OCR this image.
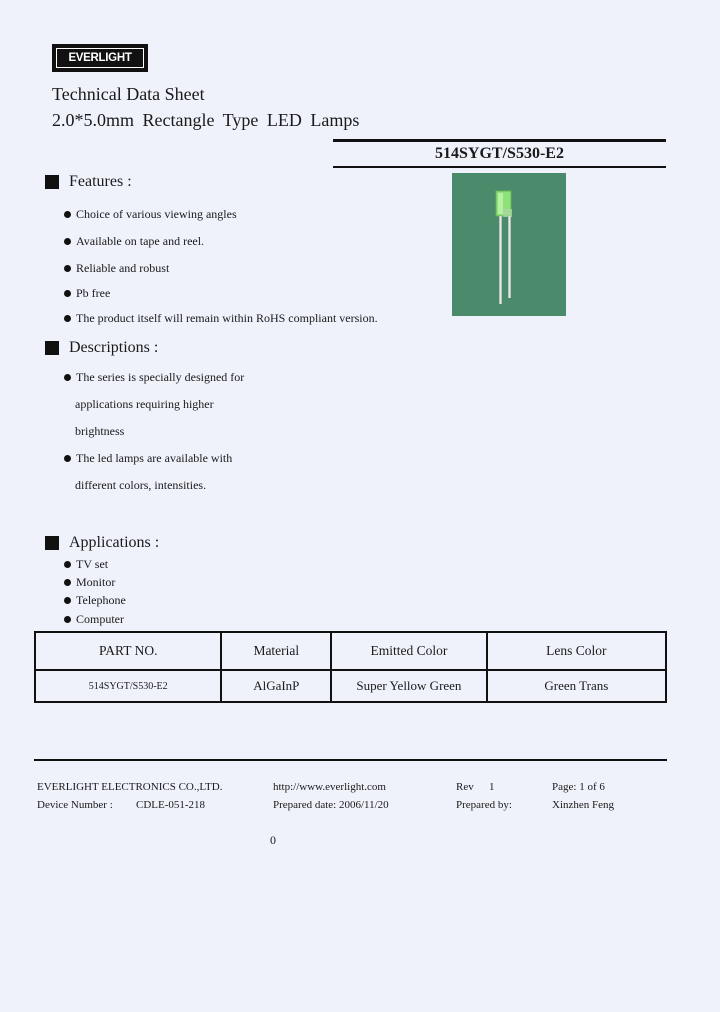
EVERLIGHT
Technical Data Sheet
2.0*5.0mm Rectangle Type LED Lamps
514SYGT/S530-E2
Features :
Choice of various viewing angles
Available on tape and reel.
Reliable and robust
Pb free
The product itself will remain within RoHS compliant version.
Descriptions :
The series is specially designed for
applications requiring higher
brightness
The led lamps are available with
different colors, intensities.
Applications :
TV set
Monitor
Telephone
Computer
PART NO.	Material	Emitted Color	Lens Color
514SYGT/S530-E2	AlGaInP	Super Yellow Green	Green Trans
EVERLIGHT ELECTRONICS CO.,LTD.	http://www.everlight.com	Rev 1	Page: 1 of 6
Device Number : CDLE-051-218	Prepared date: 2006/11/20	Prepared by:	Xinzhen Feng
0
